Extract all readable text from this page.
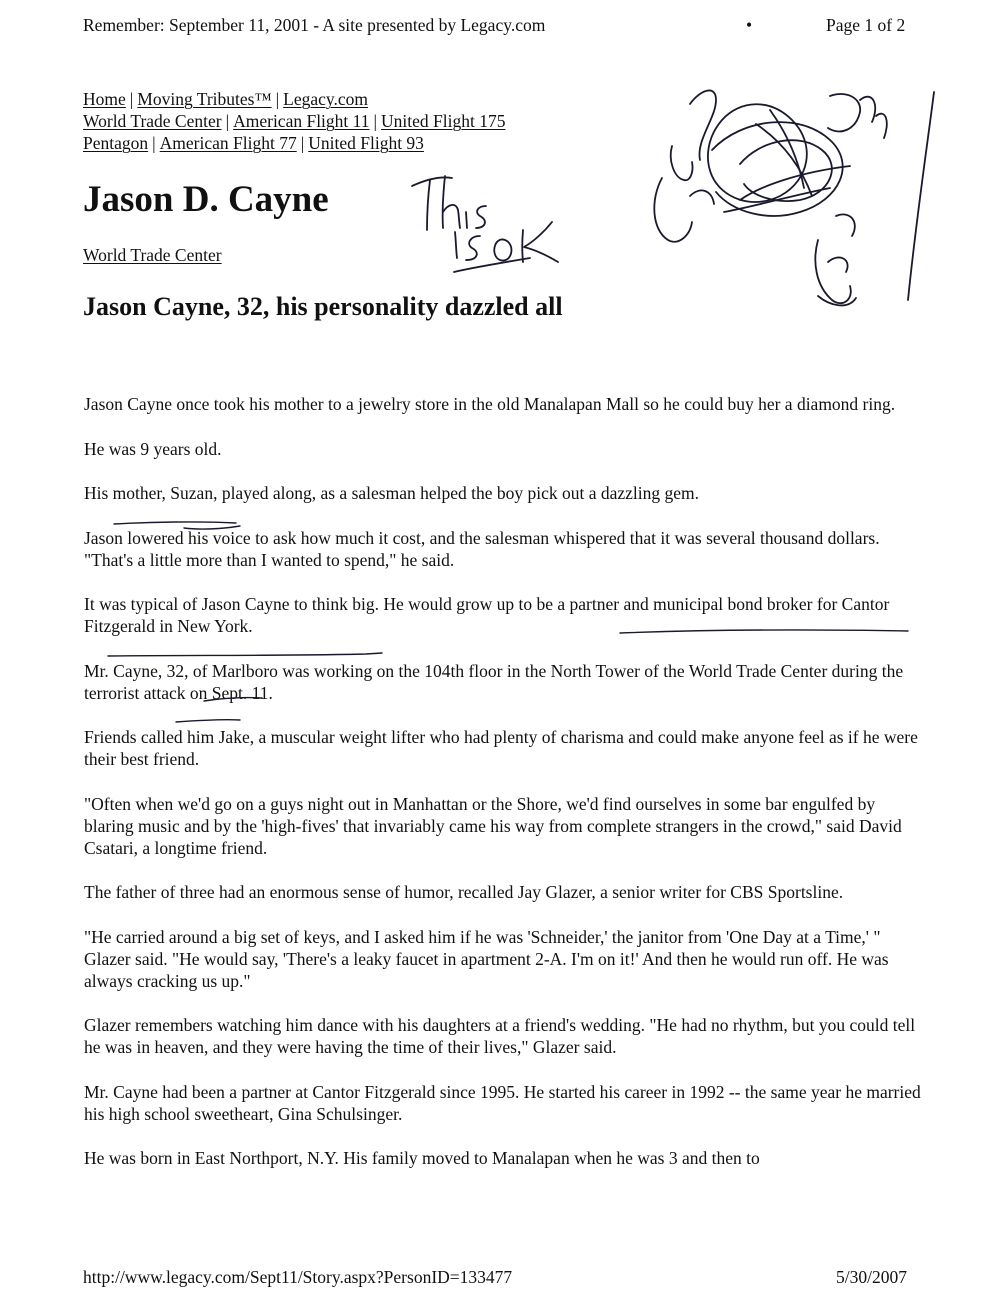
Remember: September 11, 2001 - A site presented by Legacy.com	•	Page 1 of 2
Home | Moving Tributes™ | Legacy.com
World Trade Center | American Flight 11 | United Flight 175
Pentagon | American Flight 77 | United Flight 93
Jason D. Cayne
World Trade Center
Jason Cayne, 32, his personality dazzled all

Jason Cayne once took his mother to a jewelry store in the old Manalapan Mall so he could buy her a diamond ring.

He was 9 years old.

His mother, Suzan, played along, as a salesman helped the boy pick out a dazzling gem.

Jason lowered his voice to ask how much it cost, and the salesman whispered that it was several thousand dollars. "That's a little more than I wanted to spend," he said.

It was typical of Jason Cayne to think big. He would grow up to be a partner and municipal bond broker for Cantor Fitzgerald in New York.

Mr. Cayne, 32, of Marlboro was working on the 104th floor in the North Tower of the World Trade Center during the terrorist attack on Sept. 11.

Friends called him Jake, a muscular weight lifter who had plenty of charisma and could make anyone feel as if he were their best friend.

"Often when we'd go on a guys night out in Manhattan or the Shore, we'd find ourselves in some bar engulfed by blaring music and by the 'high-fives' that invariably came his way from complete strangers in the crowd," said David Csatari, a longtime friend.

The father of three had an enormous sense of humor, recalled Jay Glazer, a senior writer for CBS Sportsline.

"He carried around a big set of keys, and I asked him if he was 'Schneider,' the janitor from 'One Day at a Time,' " Glazer said. "He would say, 'There's a leaky faucet in apartment 2-A. I'm on it!' And then he would run off. He was always cracking us up."

Glazer remembers watching him dance with his daughters at a friend's wedding. "He had no rhythm, but you could tell he was in heaven, and they were having the time of their lives," Glazer said.

Mr. Cayne had been a partner at Cantor Fitzgerald since 1995. He started his career in 1992 -- the same year he married his high school sweetheart, Gina Schulsinger.

He was born in East Northport, N.Y. His family moved to Manalapan when he was 3 and then to

http://www.legacy.com/Sept11/Story.aspx?PersonID=133477	5/30/2007
